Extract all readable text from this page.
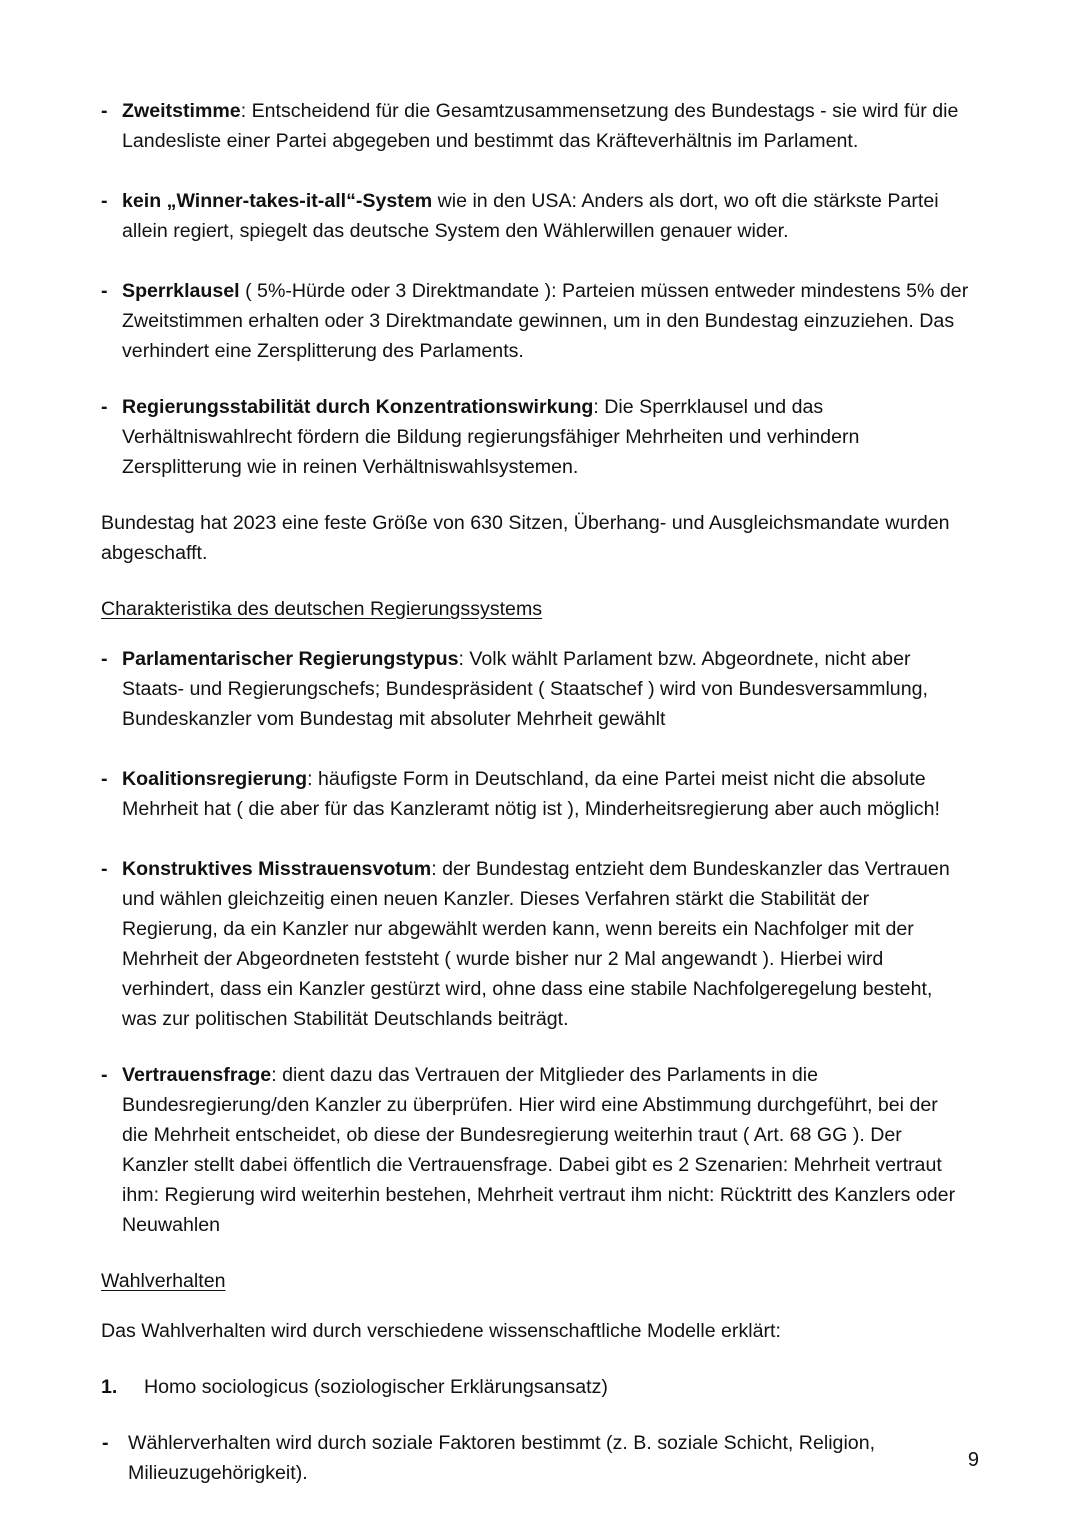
- Zweitstimme: Entscheidend für die Gesamtzusammensetzung des Bundestags - sie wird für die Landesliste einer Partei abgegeben und bestimmt das Kräfteverhältnis im Parlament.
- kein „Winner-takes-it-all“-System wie in den USA: Anders als dort, wo oft die stärkste Partei allein regiert, spiegelt das deutsche System den Wählerwillen genauer wider.
- Sperrklausel ( 5%-Hürde oder 3 Direktmandate ): Parteien müssen entweder mindestens 5% der Zweitstimmen erhalten oder 3 Direktmandate gewinnen, um in den Bundestag einzuziehen. Das verhindert eine Zersplitterung des Parlaments.
- Regierungsstabilität durch Konzentrationswirkung: Die Sperrklausel und das Verhältniswahlrecht fördern die Bildung regierungsfähiger Mehrheiten und verhindern Zersplitterung wie in reinen Verhältniswahlsystemen.

Bundestag hat 2023 eine feste Größe von 630 Sitzen, Überhang- und Ausgleichsmandate wurden abgeschafft.

Charakteristika des deutschen Regierungssystems
- Parlamentarischer Regierungstypus: Volk wählt Parlament bzw. Abgeordnete, nicht aber Staats- und Regierungschefs; Bundespräsident ( Staatschef ) wird von Bundesversammlung, Bundeskanzler vom Bundestag mit absoluter Mehrheit gewählt
- Koalitionsregierung: häufigste Form in Deutschland, da eine Partei meist nicht die absolute Mehrheit hat ( die aber für das Kanzleramt nötig ist ), Minderheitsregierung aber auch möglich!
- Konstruktives Misstrauensvotum: der Bundestag entzieht dem Bundeskanzler das Vertrauen und wählen gleichzeitig einen neuen Kanzler. Dieses Verfahren stärkt die Stabilität der Regierung, da ein Kanzler nur abgewählt werden kann, wenn bereits ein Nachfolger mit der Mehrheit der Abgeordneten feststeht ( wurde bisher nur 2 Mal angewandt ). Hierbei wird verhindert, dass ein Kanzler gestürzt wird, ohne dass eine stabile Nachfolgeregelung besteht, was zur politischen Stabilität Deutschlands beiträgt.
- Vertrauensfrage: dient dazu das Vertrauen der Mitglieder des Parlaments in die Bundesregierung/den Kanzler zu überprüfen. Hier wird eine Abstimmung durchgeführt, bei der die Mehrheit entscheidet, ob diese der Bundesregierung weiterhin traut ( Art. 68 GG ). Der Kanzler stellt dabei öffentlich die Vertrauensfrage. Dabei gibt es 2 Szenarien: Mehrheit vertraut ihm: Regierung wird weiterhin bestehen, Mehrheit vertraut ihm nicht: Rücktritt des Kanzlers oder Neuwahlen
Wahlverhalten

Das Wahlverhalten wird durch verschiedene wissenschaftliche Modelle erklärt:

1. Homo sociologicus (soziologischer Erklärungsansatz)
- Wählerverhalten wird durch soziale Faktoren bestimmt (z. B. soziale Schicht, Religion, Milieuzugehörigkeit).
9
